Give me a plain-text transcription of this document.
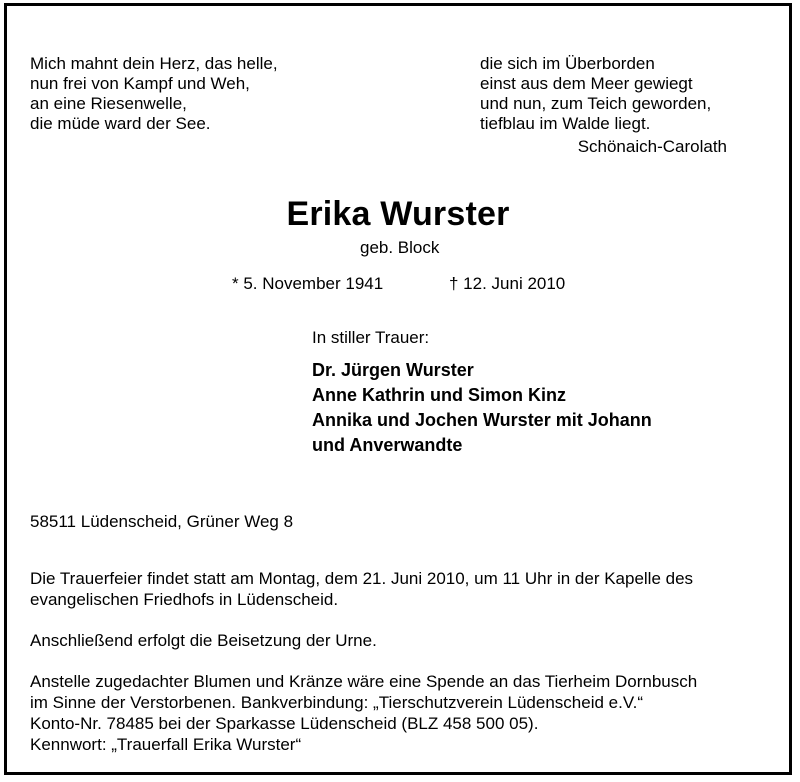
Mich mahnt dein Herz, das helle,
nun frei von Kampf und Weh,
an eine Riesenwelle,
die müde ward der See.
die sich im Überborden
einst aus dem Meer gewiegt
und nun, zum Teich geworden,
tiefblau im Walde liegt.
Schönaich-Carolath
Erika Wurster
geb. Block
* 5. November 1941	† 12. Juni 2010
In stiller Trauer:
Dr. Jürgen Wurster
Anne Kathrin und Simon Kinz
Annika und Jochen Wurster mit Johann
und Anverwandte
58511 Lüdenscheid, Grüner Weg 8
Die Trauerfeier findet statt am Montag, dem 21. Juni 2010, um 11 Uhr in der Kapelle des
evangelischen Friedhofs in Lüdenscheid.
Anschließend erfolgt die Beisetzung der Urne.
Anstelle zugedachter Blumen und Kränze wäre eine Spende an das Tierheim Dornbusch
im Sinne der Verstorbenen. Bankverbindung: „Tierschutzverein Lüdenscheid e.V.“
Konto-Nr. 78485 bei der Sparkasse Lüdenscheid (BLZ 458 500 05).
Kennwort: „Trauerfall Erika Wurster“
